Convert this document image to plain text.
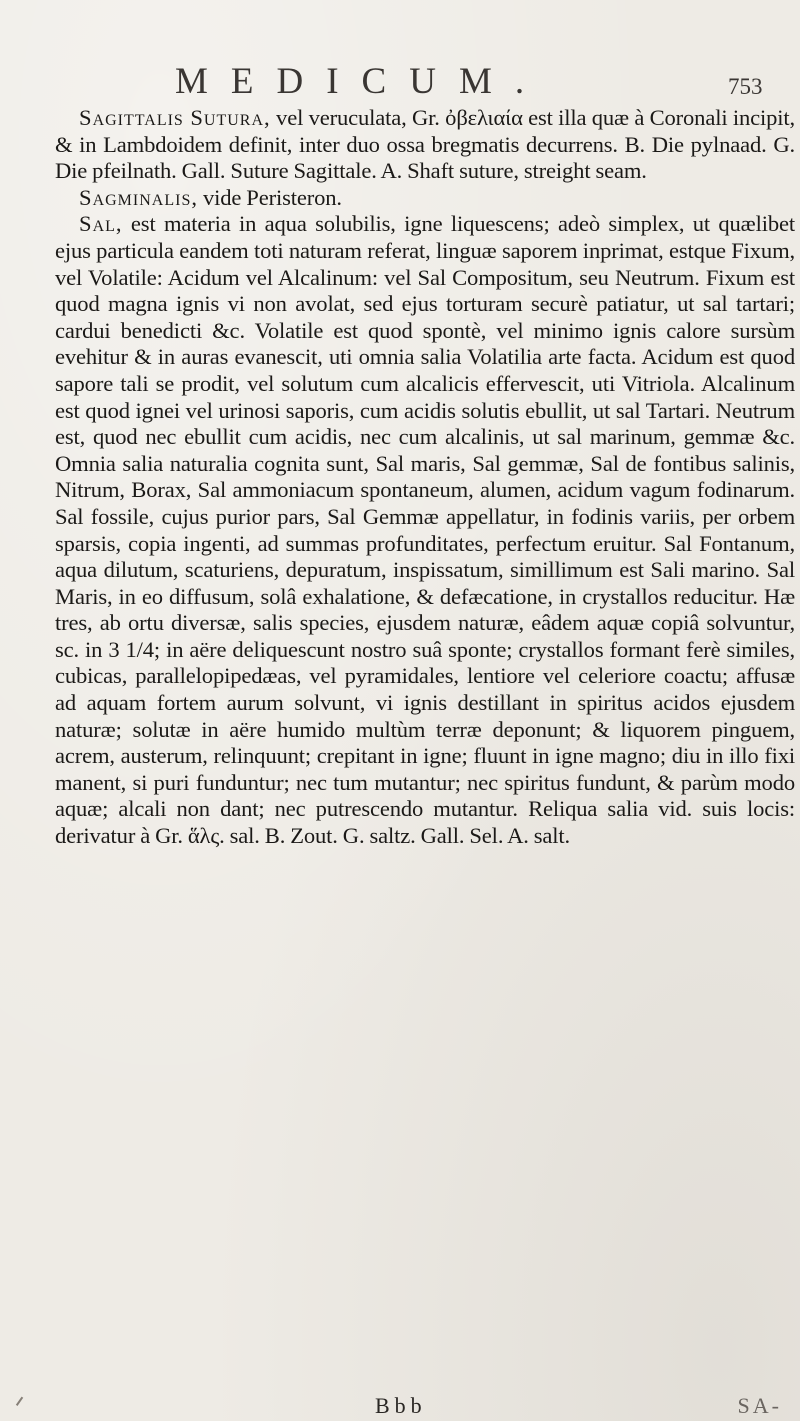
MEDICUM.	753

Sagittalis Sutura, vel veruculata, Gr. ὀβελιαία est illa quæ à Coronali incipit, & in Lambdoidem definit, inter duo ossa bregmatis decurrens. B. Die pylnaad. G. Die pfeilnath. Gall. Suture Sagittale. A. Shaft suture, streight seam.

Sagminalis, vide Peristeron.

Sal, est materia in aqua solubilis, igne liquescens; adeò simplex, ut quælibet ejus particula eandem toti naturam referat, linguæ saporem inprimat, estque Fixum, vel Volatile: Acidum vel Alcalinum: vel Sal Compositum, seu Neutrum. Fixum est quod magna ignis vi non avolat, sed ejus torturam securè patiatur, ut sal tartari; cardui benedicti &c. Volatile est quod spontè, vel minimo ignis calore sursùm evehitur & in auras evanescit, uti omnia salia Volatilia arte facta. Acidum est quod sapore tali se prodit, vel solutum cum alcalicis effervescit, uti Vitriola. Alcalinum est quod ignei vel urinosi saporis, cum acidis solutis ebullit, ut sal Tartari. Neutrum est, quod nec ebullit cum acidis, nec cum alcalinis, ut sal marinum, gemmæ &c. Omnia salia naturalia cognita sunt, Sal maris, Sal gemmæ, Sal de fontibus salinis, Nitrum, Borax, Sal ammoniacum spontaneum, alumen, acidum vagum fodinarum. Sal fossile, cujus purior pars, Sal Gemmæ appellatur, in fodinis variis, per orbem sparsis, copia ingenti, ad summas profunditates, perfectum eruitur. Sal Fontanum, aqua dilutum, scaturiens, depuratum, inspissatum, simillimum est Sali marino. Sal Maris, in eo diffusum, solâ exhalatione, & defæcatione, in crystallos reducitur. Hæ tres, ab ortu diversæ, salis species, ejusdem naturæ, eâdem aquæ copiâ solvuntur, sc. in 3 1/4; in aëre deliquescunt nostro suâ sponte; crystallos formant ferè similes, cubicas, parallelopipedæas, vel pyramidales, lentiore vel celeriore coactu; affusæ ad aquam fortem aurum solvunt, vi ignis destillant in spiritus acidos ejusdem naturæ; solutæ in aëre humido multùm terræ deponunt; & liquorem pinguem, acrem, austerum, relinquunt; crepitant in igne; fluunt in igne magno; diu in illo fixi manent, si puri funduntur; nec tum mutantur; nec spiritus fundunt, & parùm modo aquæ; alcali non dant; nec putrescendo mutantur. Reliqua salia vid. suis locis: derivatur à Gr. ἅλς. sal. B. Zout. G. saltz. Gall. Sel. A. salt.

Bbb	SA-
